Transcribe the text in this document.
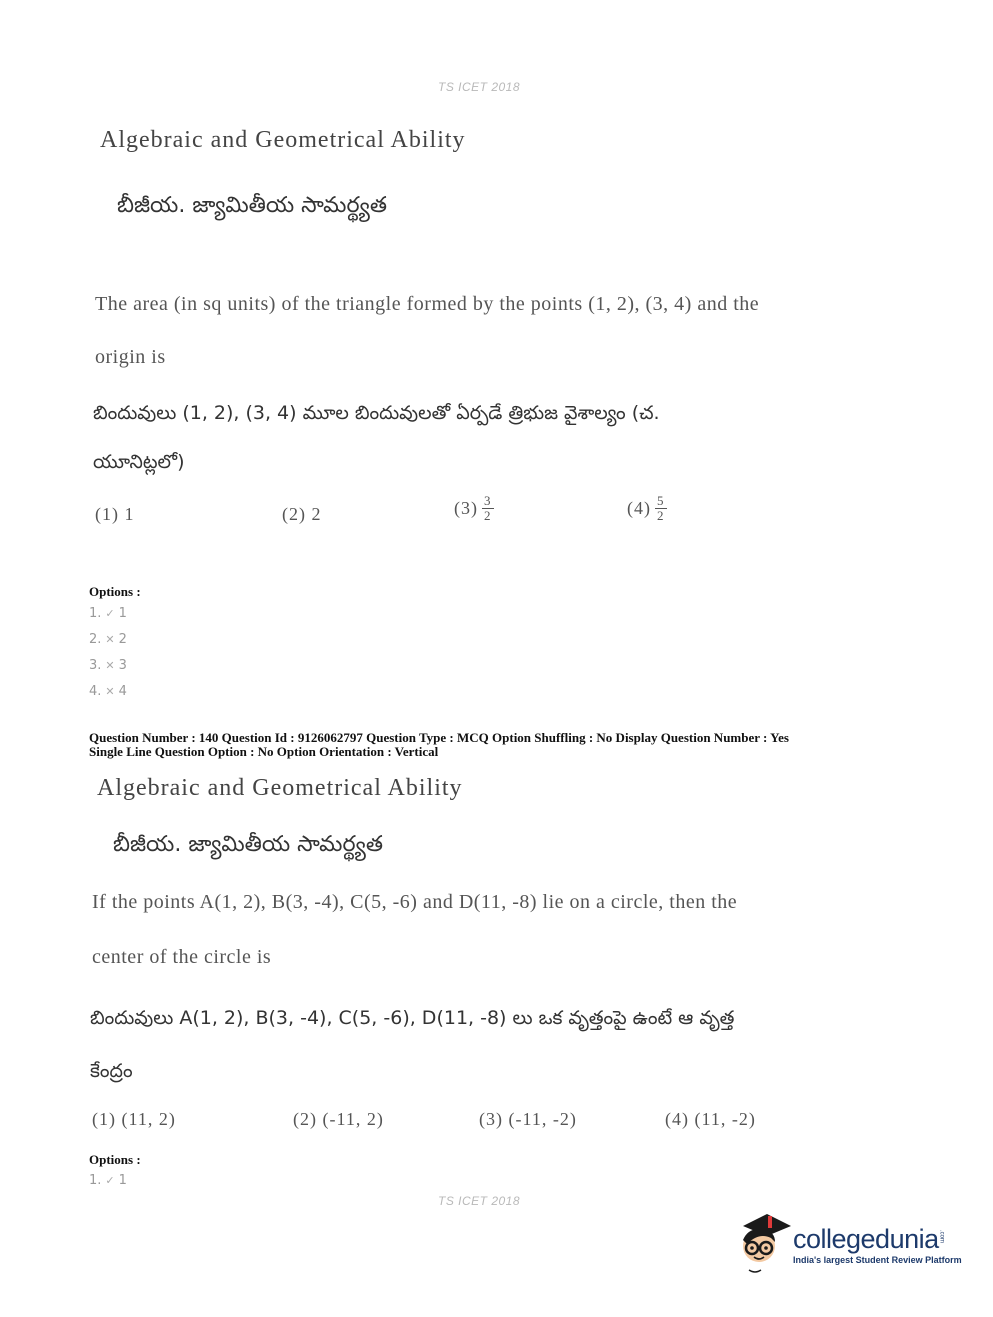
TS ICET 2018
Algebraic and Geometrical Ability
బీజీయ. జ్యామితీయ సామర్థ్యత
The area (in sq units) of the triangle formed by the points (1, 2), (3, 4) and the
origin is
బిందువులు (1, 2), (3, 4) మూల బిందువులతో ఏర్పడే త్రిభుజ వైశాల్యం (చ.
యూనిట్లలో)
(1)
1	(2)
2	$(3) \frac{3}{2}$	$(4) \frac{5}{2}$
Options :
1. ✓ 1
2. ✕ 2
3. ✕ 3
4. ✕ 4
Question Number : 140 Question Id : 9126062797 Question Type : MCQ Option Shuffling : No Display Question Number : Yes
Single Line Question Option : No Option Orientation : Vertical
Algebraic and Geometrical Ability
బీజీయ. జ్యామితీయ సామర్థ్యత
If the points A(1, 2), B(3, -4), C(5, -6) and D(11, -8) lie on a circle, then the
center of the circle is
బిందువులు A(1, 2), B(3, -4), C(5, -6), D(11, -8) లు ఒక వృత్తంపై ఉంటే ఆ వృత్త
కేంద్రం
(1)
(11, 2)	(2)
(-11, 2)	(3)
(-11, -2)	(4)
(11, -2)
Options :
1. ✓ 1
TS ICET 2018
collegedunia .com
India's largest Student Review Platform
